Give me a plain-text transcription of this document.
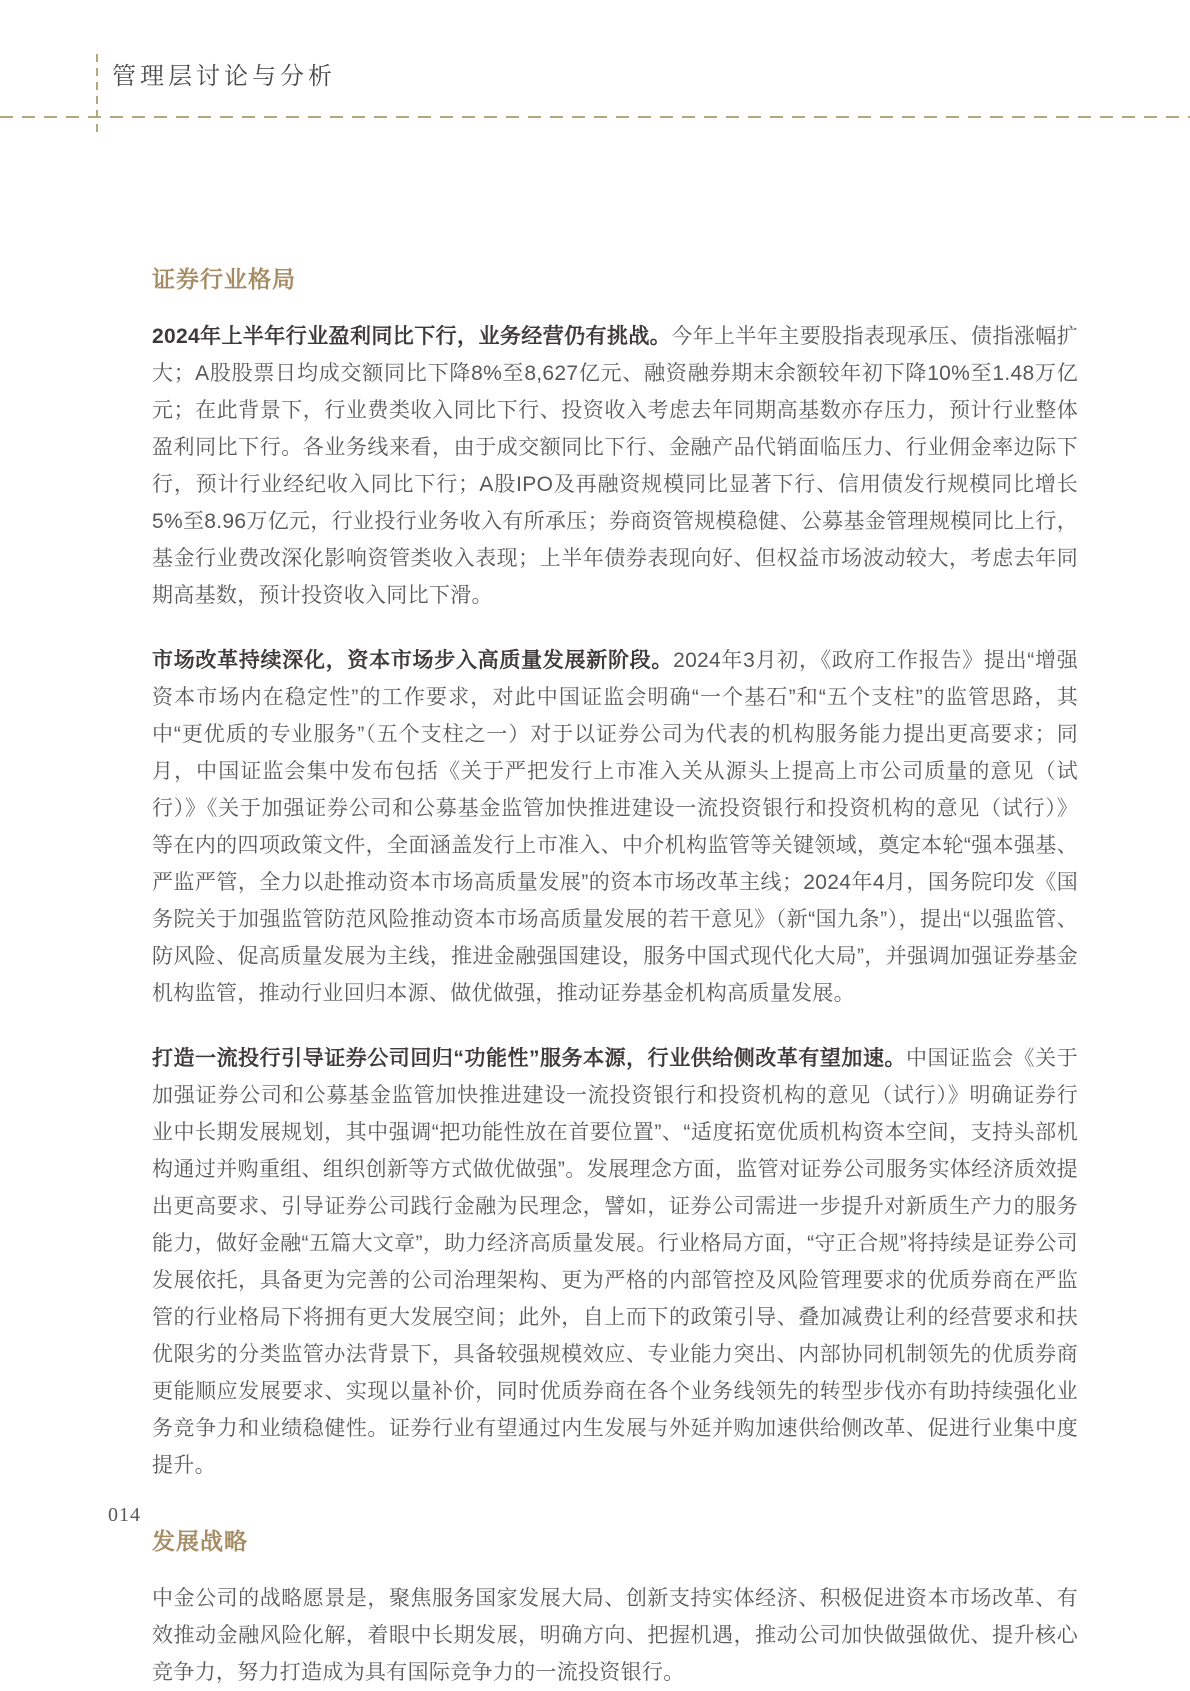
管理层讨论与分析
证券行业格局

2024年上半年行业盈利同比下行，业务经营仍有挑战。今年上半年主要股指表现承压、债指涨幅扩大；A股股票日均成交额同比下降8%至8,627亿元、融资融券期末余额较年初下降10%至1.48万亿元；在此背景下，行业费类收入同比下行、投资收入考虑去年同期高基数亦存压力，预计行业整体盈利同比下行。各业务线来看，由于成交额同比下行、金融产品代销面临压力、行业佣金率边际下行，预计行业经纪收入同比下行；A股IPO及再融资规模同比显著下行、信用债发行规模同比增长5%至8.96万亿元，行业投行业务收入有所承压；券商资管规模稳健、公募基金管理规模同比上行，基金行业费改深化影响资管类收入表现；上半年债券表现向好、但权益市场波动较大，考虑去年同期高基数，预计投资收入同比下滑。

市场改革持续深化，资本市场步入高质量发展新阶段。2024年3月初，《政府工作报告》提出“增强资本市场内在稳定性”的工作要求，对此中国证监会明确“一个基石”和“五个支柱”的监管思路，其中“更优质的专业服务”（五个支柱之一）对于以证券公司为代表的机构服务能力提出更高要求；同月，中国证监会集中发布包括《关于严把发行上市准入关从源头上提高上市公司质量的意见（试行）》《关于加强证券公司和公募基金监管加快推进建设一流投资银行和投资机构的意见（试行）》等在内的四项政策文件，全面涵盖发行上市准入、中介机构监管等关键领域，奠定本轮“强本强基、严监严管，全力以赴推动资本市场高质量发展”的资本市场改革主线；2024年4月，国务院印发《国务院关于加强监管防范风险推动资本市场高质量发展的若干意见》（新“国九条”），提出“以强监管、防风险、促高质量发展为主线，推进金融强国建设，服务中国式现代化大局”，并强调加强证券基金机构监管，推动行业回归本源、做优做强，推动证券基金机构高质量发展。

打造一流投行引导证券公司回归“功能性”服务本源，行业供给侧改革有望加速。中国证监会《关于加强证券公司和公募基金监管加快推进建设一流投资银行和投资机构的意见（试行）》明确证券行业中长期发展规划，其中强调“把功能性放在首要位置”、“适度拓宽优质机构资本空间，支持头部机构通过并购重组、组织创新等方式做优做强”。发展理念方面，监管对证券公司服务实体经济质效提出更高要求、引导证券公司践行金融为民理念，譬如，证券公司需进一步提升对新质生产力的服务能力，做好金融“五篇大文章”，助力经济高质量发展。行业格局方面，“守正合规”将持续是证券公司发展依托，具备更为完善的公司治理架构、更为严格的内部管控及风险管理要求的优质券商在严监管的行业格局下将拥有更大发展空间；此外，自上而下的政策引导、叠加减费让利的经营要求和扶优限劣的分类监管办法背景下，具备较强规模效应、专业能力突出、内部协同机制领先的优质券商更能顺应发展要求、实现以量补价，同时优质券商在各个业务线领先的转型步伐亦有助持续强化业务竞争力和业绩稳健性。证券行业有望通过内生发展与外延并购加速供给侧改革、促进行业集中度提升。

发展战略

中金公司的战略愿景是，聚焦服务国家发展大局、创新支持实体经济、积极促进资本市场改革、有效推动金融风险化解，着眼中长期发展，明确方向、把握机遇，推动公司加快做强做优、提升核心竞争力，努力打造成为具有国际竞争力的一流投资银行。

014
